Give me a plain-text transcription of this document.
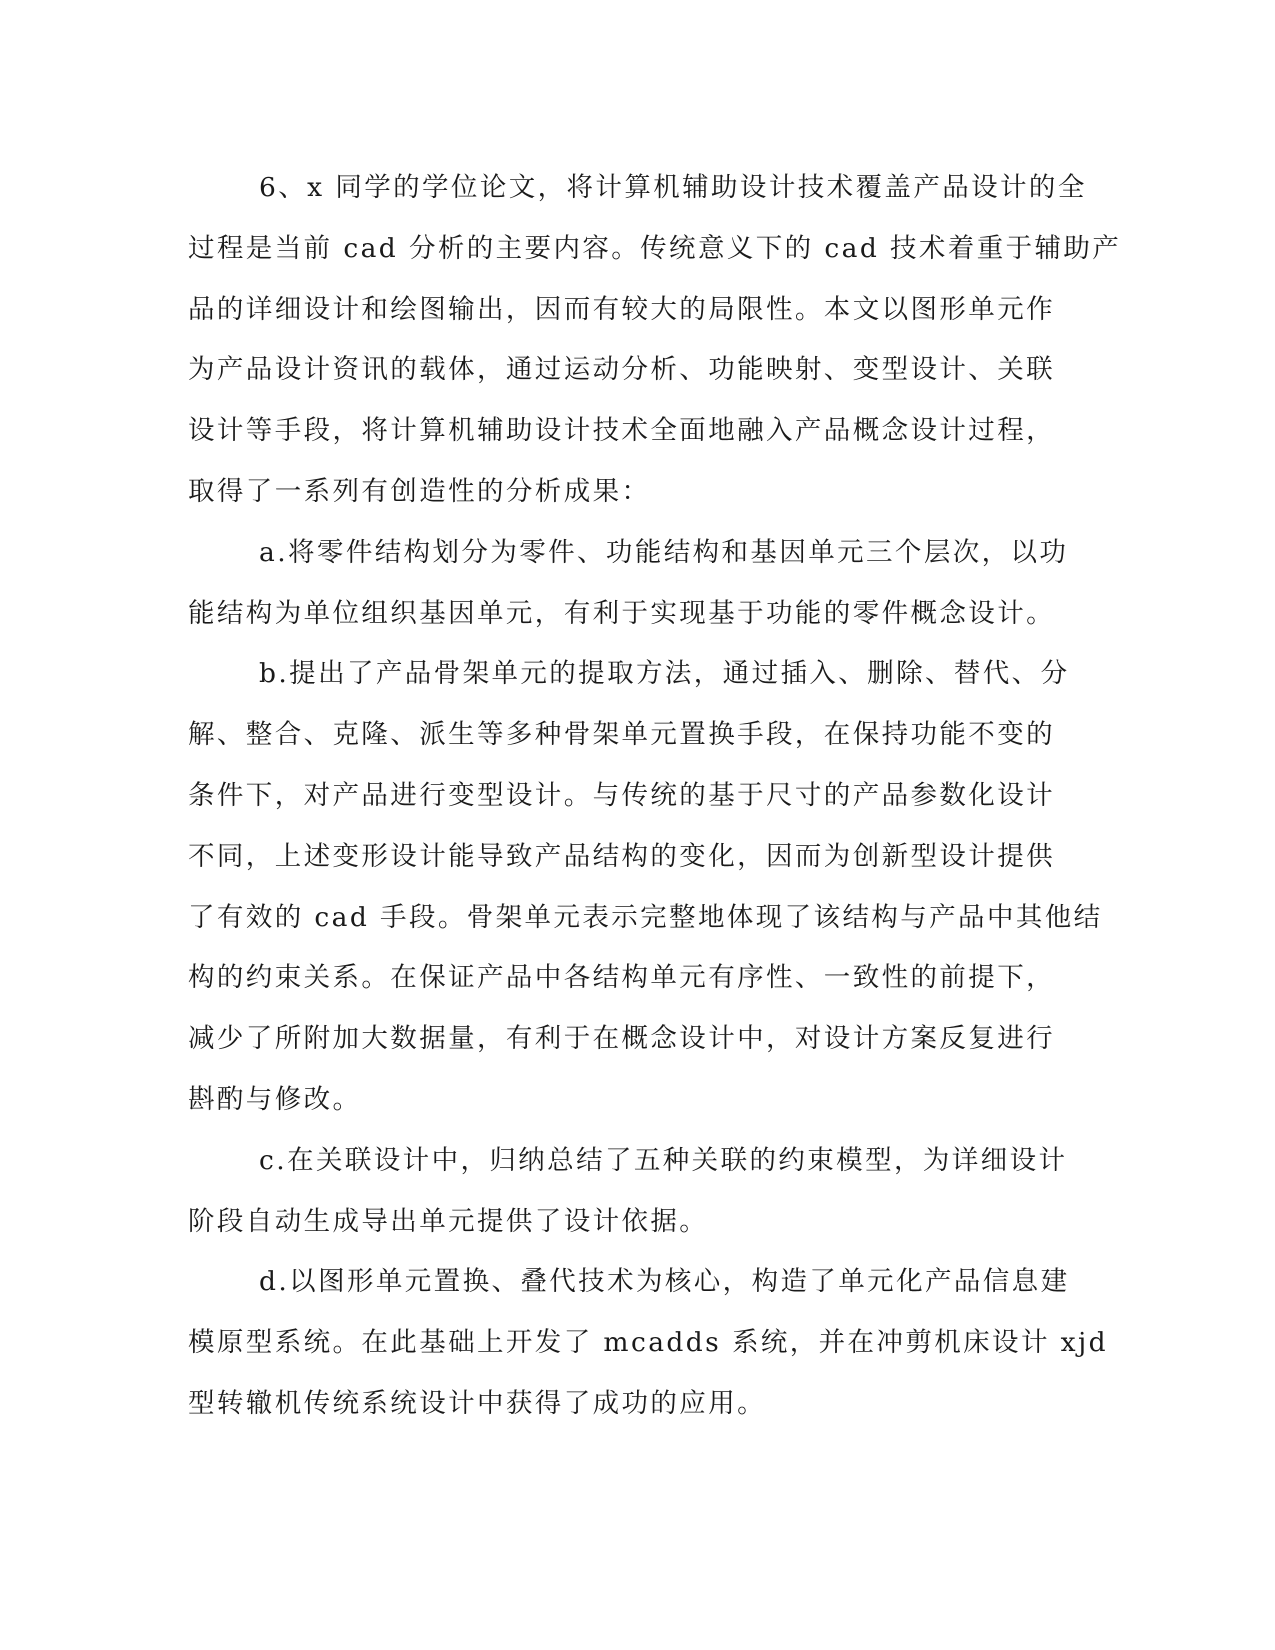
6、x 同学的学位论文，将计算机辅助设计技术覆盖产品设计的全
过程是当前 cad 分析的主要内容。传统意义下的 cad 技术着重于辅助产
品的详细设计和绘图输出，因而有较大的局限性。本文以图形单元作
为产品设计资讯的载体，通过运动分析、功能映射、变型设计、关联
设计等手段，将计算机辅助设计技术全面地融入产品概念设计过程，
取得了一系列有创造性的分析成果：
a.将零件结构划分为零件、功能结构和基因单元三个层次，以功
能结构为单位组织基因单元，有利于实现基于功能的零件概念设计。
b.提出了产品骨架单元的提取方法，通过插入、删除、替代、分
解、整合、克隆、派生等多种骨架单元置换手段，在保持功能不变的
条件下，对产品进行变型设计。与传统的基于尺寸的产品参数化设计
不同，上述变形设计能导致产品结构的变化，因而为创新型设计提供
了有效的 cad 手段。骨架单元表示完整地体现了该结构与产品中其他结
构的约束关系。在保证产品中各结构单元有序性、一致性的前提下，
减少了所附加大数据量，有利于在概念设计中，对设计方案反复进行
斟酌与修改。
c.在关联设计中，归纳总结了五种关联的约束模型，为详细设计
阶段自动生成导出单元提供了设计依据。
d.以图形单元置换、叠代技术为核心，构造了单元化产品信息建
模原型系统。在此基础上开发了 mcadds 系统，并在冲剪机床设计 xjd
型转辙机传统系统设计中获得了成功的应用。
